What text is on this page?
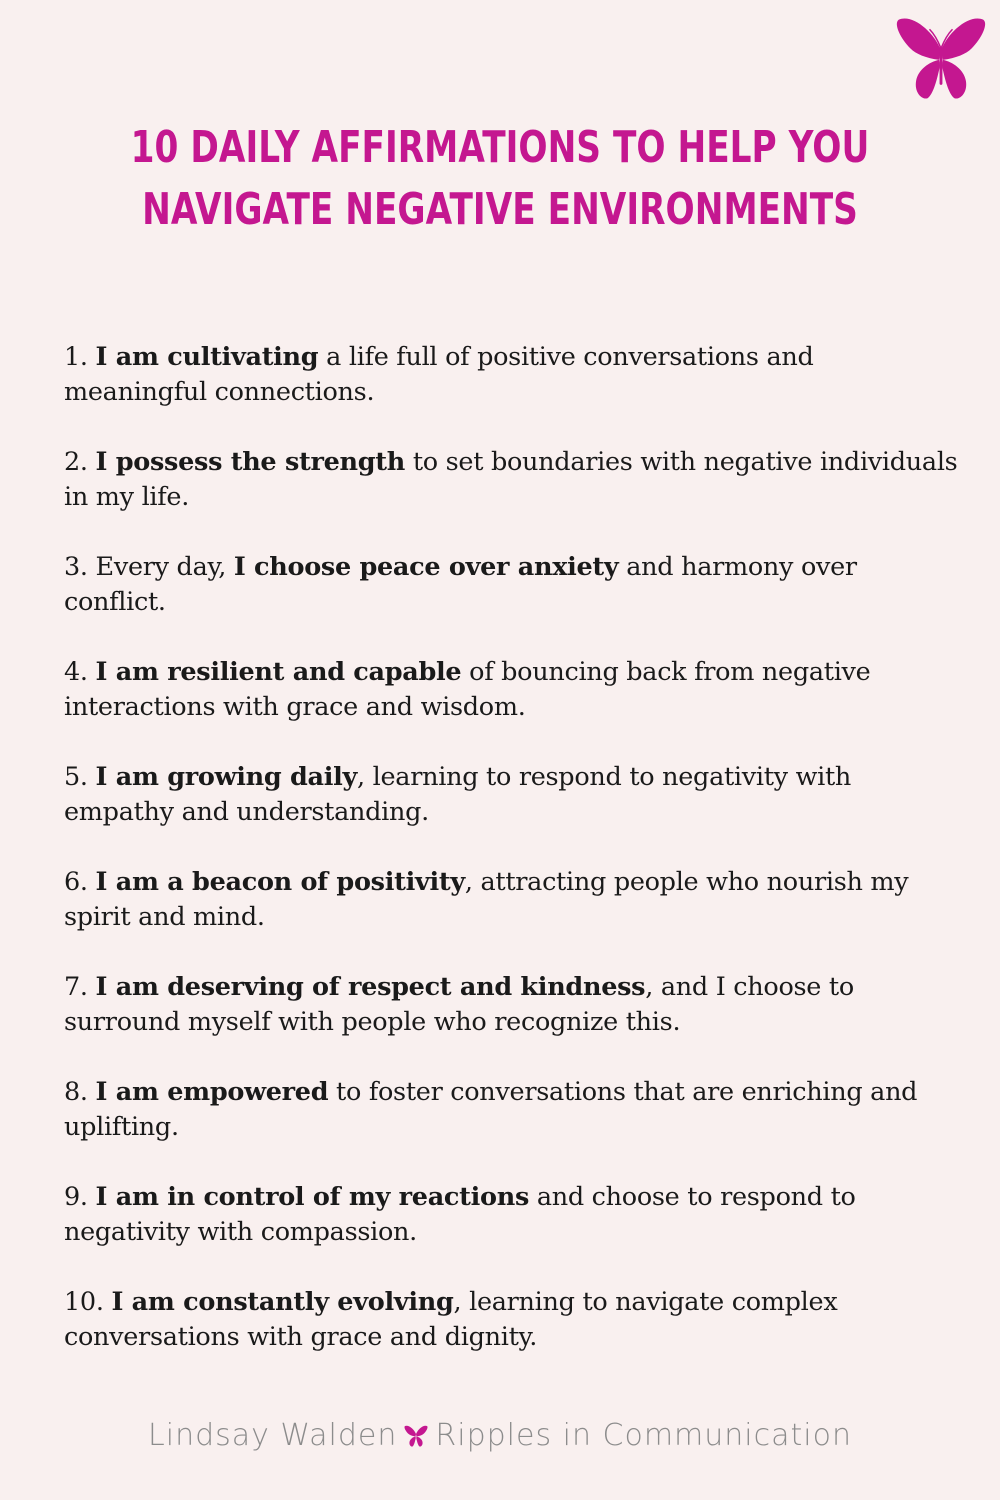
10 DAILY AFFIRMATIONS TO HELP YOU
NAVIGATE NEGATIVE ENVIRONMENTS
1. I am cultivating a life full of positive conversations and meaningful connections.
2. I possess the strength to set boundaries with negative individuals in my life.
3. Every day, I choose peace over anxiety and harmony over conflict.
4. I am resilient and capable of bouncing back from negative interactions with grace and wisdom.
5. I am growing daily, learning to respond to negativity with empathy and understanding.
6. I am a beacon of positivity, attracting people who nourish my spirit and mind.
7. I am deserving of respect and kindness, and I choose to surround myself with people who recognize this.
8. I am empowered to foster conversations that are enriching and uplifting.
9. I am in control of my reactions and choose to respond to negativity with compassion.
10. I am constantly evolving, learning to navigate complex conversations with grace and dignity.
Lindsay Walden Ripples in Communication
